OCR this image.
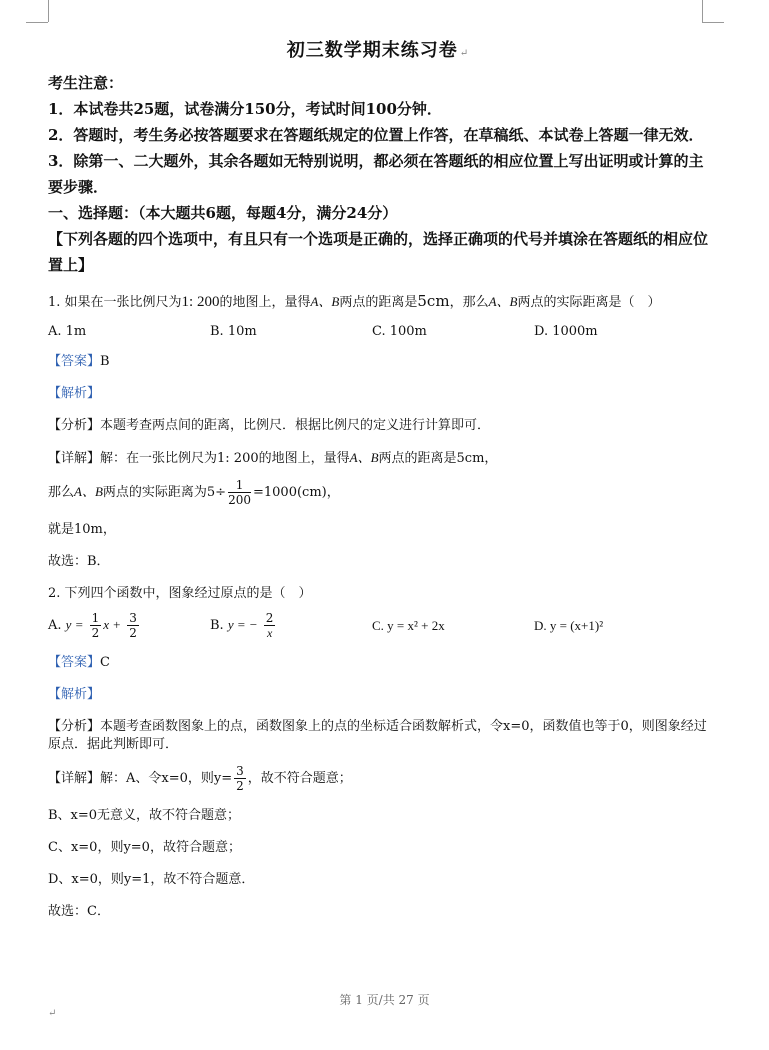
初三数学期末练习卷 ↵
考生注意：
1．本试卷共25题，试卷满分150分，考试时间100分钟．
2．答题时，考生务必按答题要求在答题纸规定的位置上作答，在草稿纸、本试卷上答题一律无效．
3．除第一、二大题外，其余各题如无特别说明，都必须在答题纸的相应位置上写出证明或计算的主要步骤．
一、选择题：（本大题共6题，每题4分，满分24分）
【下列各题的四个选项中，有且只有一个选项是正确的，选择正确项的代号并填涂在答题纸的相应位置上】
1. 如果在一张比例尺为1: 200的地图上，量得A、B两点的距离是5cm，那么A、B两点的实际距离是（　）
A. 1m	B. 10m	C. 100m	D. 1000m
【答案】B
【解析】
【分析】本题考查两点间的距离，比例尺．根据比例尺的定义进行计算即可．
【详解】解：在一张比例尺为1: 200的地图上，量得A、B两点的距离是5cm，
那么A、B两点的实际距离为$5\div \frac{1}{200} =1000(cm)$，
就是10m，
故选：B．
2. 下列四个函数中，图象经过原点的是（　）
A. $y = \frac{1}{2}$ $x + \frac{3}{2}$	B. y = − $\frac{2}{x}$	C. y = x² + 2x	D. y = (x+1)²
【答案】C
【解析】
【分析】本题考查函数图象上的点，函数图象上的点的坐标适合函数解析式，令x=0，函数值也等于0，则图象经过原点．据此判断即可．
【详解】解：A、令x=0，则$y= \frac{3}{2}$ ，故不符合题意；
B、x=0无意义，故不符合题意；
C、x=0，则y=0，故符合题意；
D、x=0，则y=1，故不符合题意．
故选：C．
第 1 页/共 27 页
↵
